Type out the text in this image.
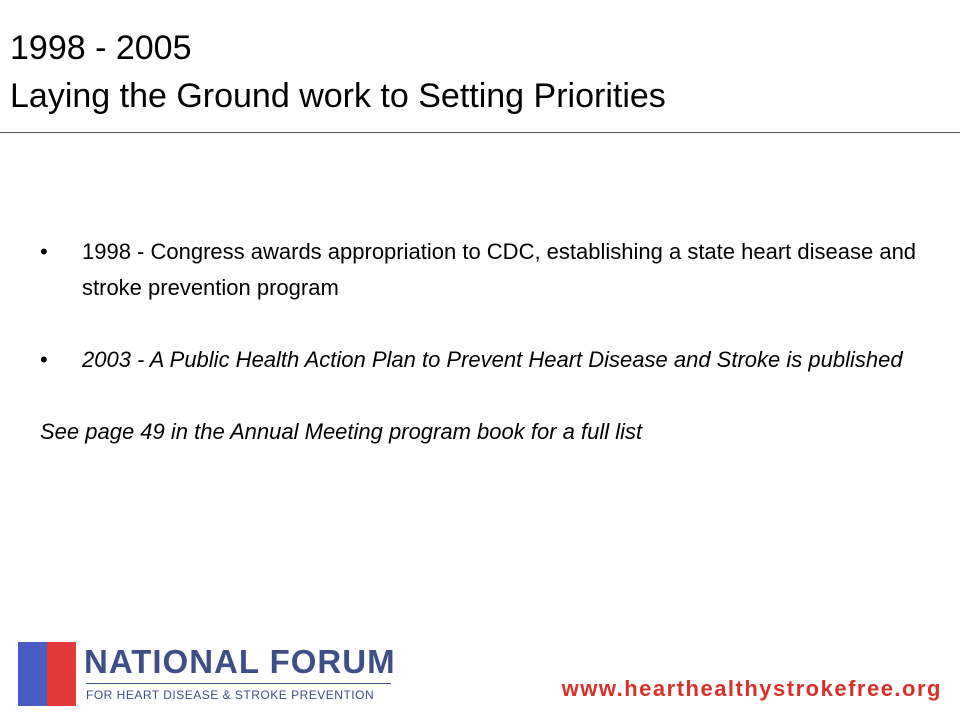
1998 - 2005

Laying the Ground work to Setting Priorities

•	1998 - Congress awards appropriation to CDC, establishing a state heart disease and stroke prevention program
•	2003 - A Public Health Action Plan to Prevent Heart Disease and Stroke is published

See page 49 in the Annual Meeting program book for a full list

NATIONAL FORUM
FOR HEART DISEASE & STROKE PREVENTION	www.hearthealthystrokefree.org
